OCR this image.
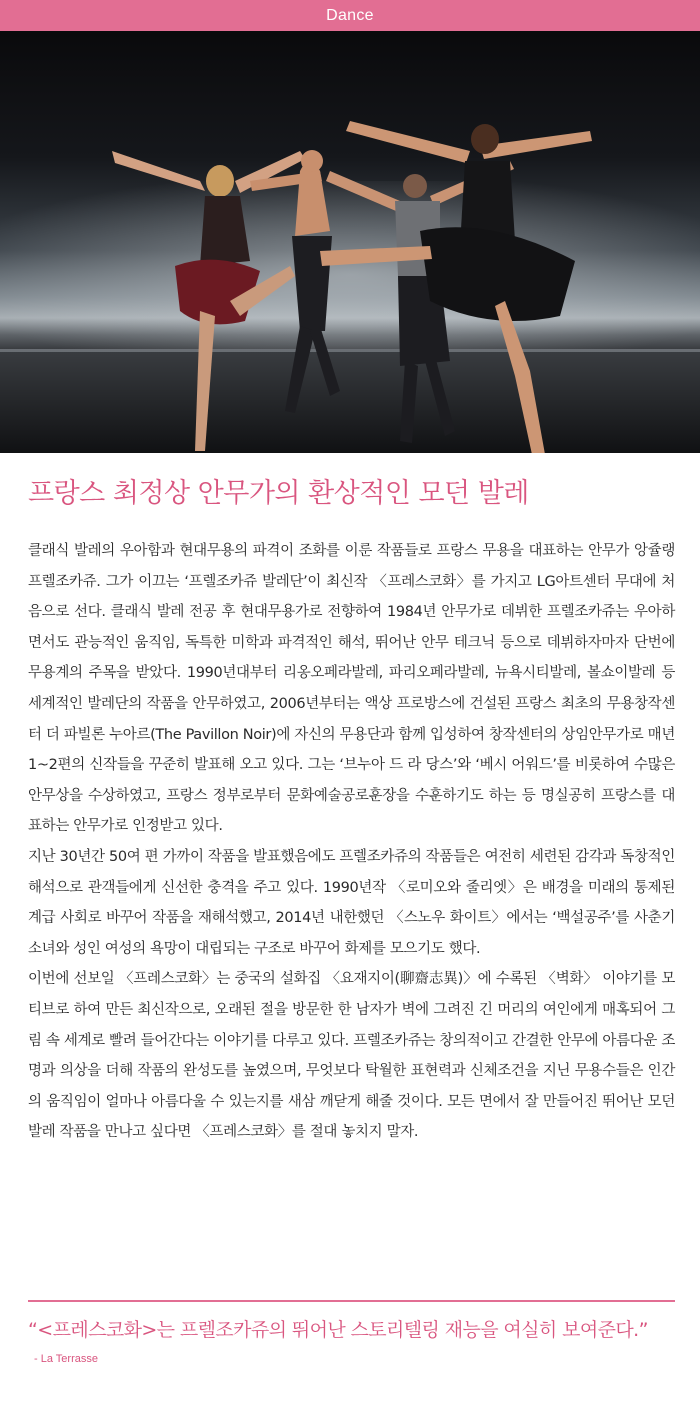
Dance
프랑스 최정상 안무가의 환상적인 모던 발레

클래식 발레의 우아함과 현대무용의 파격이 조화를 이룬 작품들로 프랑스 무용을 대표하는 안무가 앙쥴랭 프렐조카쥬. 그가 이끄는 ‘프렐조카쥬 발레단’이 최신작 〈프레스코화〉를 가지고 LG아트센터 무대에 처음으로 선다. 클래식 발레 전공 후 현대무용가로 전향하여 1984년 안무가로 데뷔한 프렐조카쥬는 우아하면서도 관능적인 움직임, 독특한 미학과 파격적인 해석, 뛰어난 안무 테크닉 등으로 데뷔하자마자 단번에 무용계의 주목을 받았다. 1990년대부터 리옹오페라발레, 파리오페라발레, 뉴욕시티발레, 볼쇼이발레 등 세계적인 발레단의 작품을 안무하였고, 2006년부터는 액상 프로방스에 건설된 프랑스 최초의 무용창작센터 더 파빌론 누아르(The Pavillon Noir)에 자신의 무용단과 함께 입성하여 창작센터의 상임안무가로 매년 1~2편의 신작들을 꾸준히 발표해 오고 있다. 그는 ‘브누아 드 라 당스’와 ‘베시 어워드’를 비롯하여 수많은 안무상을 수상하였고, 프랑스 정부로부터 문화예술공로훈장을 수훈하기도 하는 등 명실공히 프랑스를 대표하는 안무가로 인정받고 있다.

지난 30년간 50여 편 가까이 작품을 발표했음에도 프렐조카쥬의 작품들은 여전히 세련된 감각과 독창적인 해석으로 관객들에게 신선한 충격을 주고 있다. 1990년작 〈로미오와 줄리엣〉은 배경을 미래의 통제된 계급 사회로 바꾸어 작품을 재해석했고, 2014년 내한했던 〈스노우 화이트〉에서는 ‘백설공주’를 사춘기 소녀와 성인 여성의 욕망이 대립되는 구조로 바꾸어 화제를 모으기도 했다.

이번에 선보일 〈프레스코화〉는 중국의 설화집 〈요재지이(聊齋志異)〉에 수록된 〈벽화〉 이야기를 모티브로 하여 만든 최신작으로, 오래된 절을 방문한 한 남자가 벽에 그려진 긴 머리의 여인에게 매혹되어 그림 속 세계로 빨려 들어간다는 이야기를 다루고 있다. 프렐조카쥬는 창의적이고 간결한 안무에 아름다운 조명과 의상을 더해 작품의 완성도를 높였으며, 무엇보다 탁월한 표현력과 신체조건을 지닌 무용수들은 인간의 움직임이 얼마나 아름다울 수 있는지를 새삼 깨닫게 해줄 것이다. 모든 면에서 잘 만들어진 뛰어난 모던 발레 작품을 만나고 싶다면 〈프레스코화〉를 절대 놓치지 말자.

“<프레스코화>는 프렐조카쥬의 뛰어난 스토리텔링 재능을 여실히 보여준다.”

- La Terrasse
